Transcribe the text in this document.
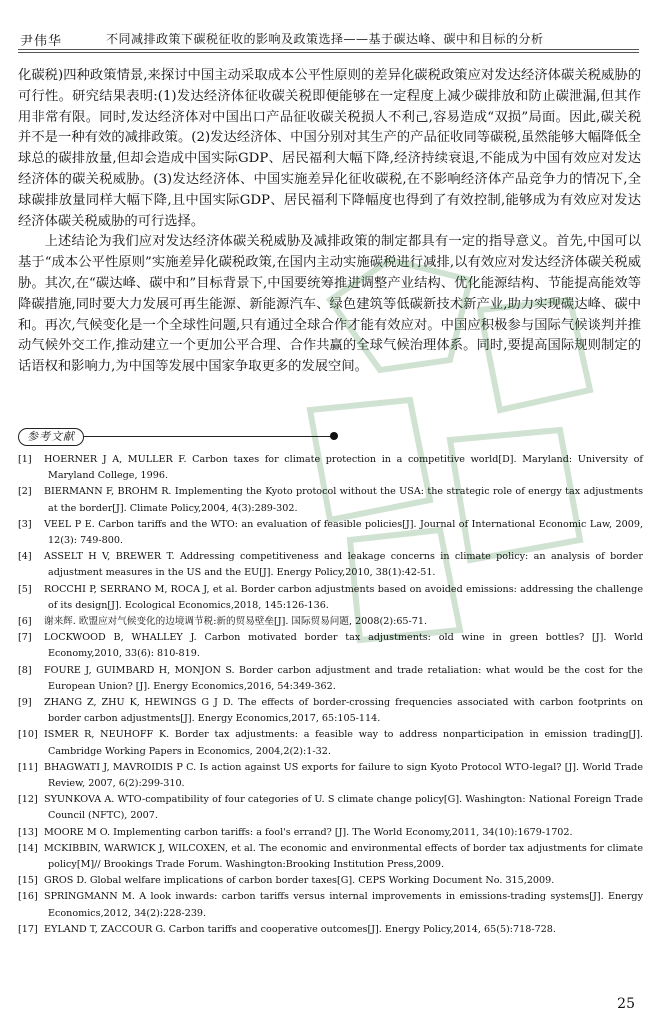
尹伟华	不同减排政策下碳税征收的影响及政策选择——基于碳达峰、碳中和目标的分析

化碳税)四种政策情景,来探讨中国主动采取成本公平性原则的差异化碳税政策应对发达经济体碳关税威胁的可行性。研究结果表明:(1)发达经济体征收碳关税即便能够在一定程度上减少碳排放和防止碳泄漏,但其作用非常有限。同时,发达经济体对中国出口产品征收碳关税损人不利己,容易造成“双损”局面。因此,碳关税并不是一种有效的减排政策。(2)发达经济体、中国分别对其生产的产品征收同等碳税,虽然能够大幅降低全球总的碳排放量,但却会造成中国实际GDP、居民福利大幅下降,经济持续衰退,不能成为中国有效应对发达经济体的碳关税威胁。(3)发达经济体、中国实施差异化征收碳税,在不影响经济体产品竞争力的情况下,全球碳排放量同样大幅下降,且中国实际GDP、居民福利下降幅度也得到了有效控制,能够成为有效应对发达经济体碳关税威胁的可行选择。

上述结论为我们应对发达经济体碳关税威胁及减排政策的制定都具有一定的指导意义。首先,中国可以基于“成本公平性原则”实施差异化碳税政策,在国内主动实施碳税进行减排,以有效应对发达经济体碳关税威胁。其次,在“碳达峰、碳中和”目标背景下,中国要统筹推进调整产业结构、优化能源结构、节能提高能效等降碳措施,同时要大力发展可再生能源、新能源汽车、绿色建筑等低碳新技术新产业,助力实现碳达峰、碳中和。再次,气候变化是一个全球性问题,只有通过全球合作才能有效应对。中国应积极参与国际气候谈判并推动气候外交工作,推动建立一个更加公平合理、合作共赢的全球气候治理体系。同时,要提高国际规则制定的话语权和影响力,为中国等发展中国家争取更多的发展空间。

参考文献

[1] HOERNER J A, MULLER F. Carbon taxes for climate protection in a competitive world[D]. Maryland: University of Maryland College, 1996.

[2] BIERMANN F, BROHM R. Implementing the Kyoto protocol without the USA: the strategic role of energy tax adjustments at the border[J]. Climate Policy,2004, 4(3):289-302.

[3] VEEL P E. Carbon tariffs and the WTO: an evaluation of feasible policies[J]. Journal of International Economic Law, 2009, 12(3): 749-800.

[4] ASSELT H V, BREWER T. Addressing competitiveness and leakage concerns in climate policy: an analysis of border adjustment measures in the US and the EU[J]. Energy Policy,2010, 38(1):42-51.

[5] ROCCHI P, SERRANO M, ROCA J, et al. Border carbon adjustments based on avoided emissions: addressing the challenge of its design[J]. Ecological Economics,2018, 145:126-136.

[6] 谢来辉. 欧盟应对气候变化的边境调节税:新的贸易壁垒[J]. 国际贸易问题, 2008(2):65-71.

[7] LOCKWOOD B, WHALLEY J. Carbon motivated border tax adjustments: old wine in green bottles? [J]. World Economy,2010, 33(6): 810-819.

[8] FOURE J, GUIMBARD H, MONJON S. Border carbon adjustment and trade retaliation: what would be the cost for the European Union? [J]. Energy Economics,2016, 54:349-362.

[9] ZHANG Z, ZHU K, HEWINGS G J D. The effects of border-crossing frequencies associated with carbon footprints on border carbon adjustments[J]. Energy Economics,2017, 65:105-114.

[10] ISMER R, NEUHOFF K. Border tax adjustments: a feasible way to address nonparticipation in emission trading[J]. Cambridge Working Papers in Economics, 2004,2(2):1-32.

[11] BHAGWATI J, MAVROIDIS P C. Is action against US exports for failure to sign Kyoto Protocol WTO-legal? [J]. World Trade Review, 2007, 6(2):299-310.

[12] SYUNKOVA A. WTO-compatibility of four categories of U. S climate change policy[G]. Washington: National Foreign Trade Council (NFTC), 2007.

[13] MOORE M O. Implementing carbon tariffs: a fool's errand? [J]. The World Economy,2011, 34(10):1679-1702.

[14] MCKIBBIN, WARWICK J, WILCOXEN, et al. The economic and environmental effects of border tax adjustments for climate policy[M]// Brookings Trade Forum. Washington:Brooking Institution Press,2009.

[15] GROS D. Global welfare implications of carbon border taxes[G]. CEPS Working Document No. 315,2009.

[16] SPRINGMANN M. A look inwards: carbon tariffs versus internal improvements in emissions-trading systems[J]. Energy Economics,2012, 34(2):228-239.

[17] EYLAND T, ZACCOUR G. Carbon tariffs and cooperative outcomes[J]. Energy Policy,2014, 65(5):718-728.

25
